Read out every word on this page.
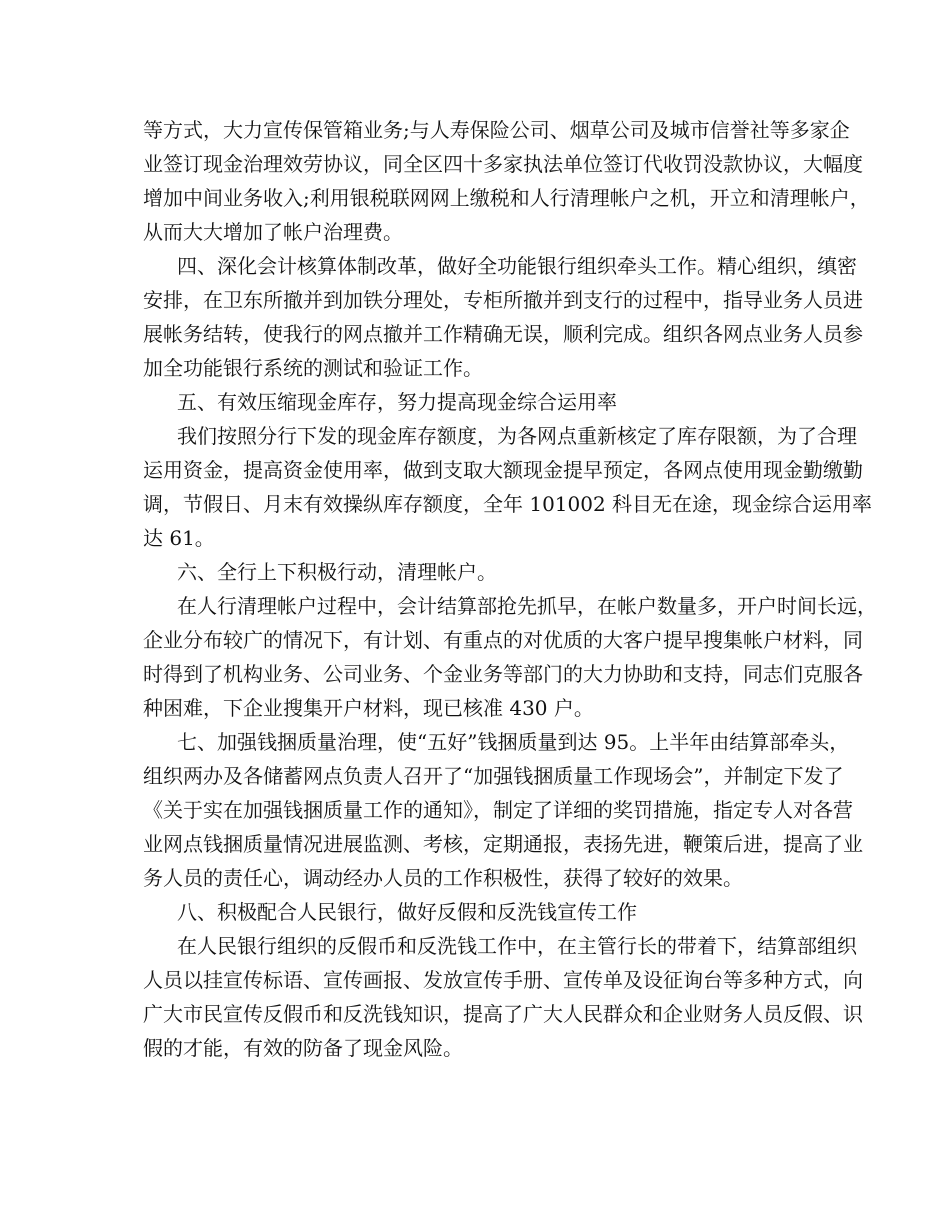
等方式，大力宣传保管箱业务;与人寿保险公司、烟草公司及城市信誉社等多家企
业签订现金治理效劳协议，同全区四十多家执法单位签订代收罚没款协议，大幅度
增加中间业务收入;利用银税联网网上缴税和人行清理帐户之机，开立和清理帐户，
从而大大增加了帐户治理费。
四、深化会计核算体制改革，做好全功能银行组织牵头工作。精心组织，缜密
安排，在卫东所撤并到加铁分理处，专柜所撤并到支行的过程中，指导业务人员进
展帐务结转，使我行的网点撤并工作精确无误，顺利完成。组织各网点业务人员参
加全功能银行系统的测试和验证工作。
五、有效压缩现金库存，努力提高现金综合运用率
我们按照分行下发的现金库存额度，为各网点重新核定了库存限额，为了合理
运用资金，提高资金使用率，做到支取大额现金提早预定，各网点使用现金勤缴勤
调，节假日、月末有效操纵库存额度，全年 101002 科目无在途，现金综合运用率
达 61。
六、全行上下积极行动，清理帐户。
在人行清理帐户过程中，会计结算部抢先抓早，在帐户数量多，开户时间长远，
企业分布较广的情况下，有计划、有重点的对优质的大客户提早搜集帐户材料，同
时得到了机构业务、公司业务、个金业务等部门的大力协助和支持，同志们克服各
种困难，下企业搜集开户材料，现已核准 430 户。
七、加强钱捆质量治理，使“五好”钱捆质量到达 95。上半年由结算部牵头，
组织两办及各储蓄网点负责人召开了“加强钱捆质量工作现场会”，并制定下发了
《关于实在加强钱捆质量工作的通知》，制定了详细的奖罚措施，指定专人对各营
业网点钱捆质量情况进展监测、考核，定期通报，表扬先进，鞭策后进，提高了业
务人员的责任心，调动经办人员的工作积极性，获得了较好的效果。
八、积极配合人民银行，做好反假和反洗钱宣传工作
在人民银行组织的反假币和反洗钱工作中，在主管行长的带着下，结算部组织
人员以挂宣传标语、宣传画报、发放宣传手册、宣传单及设征询台等多种方式，向
广大市民宣传反假币和反洗钱知识，提高了广大人民群众和企业财务人员反假、识
假的才能，有效的防备了现金风险。
